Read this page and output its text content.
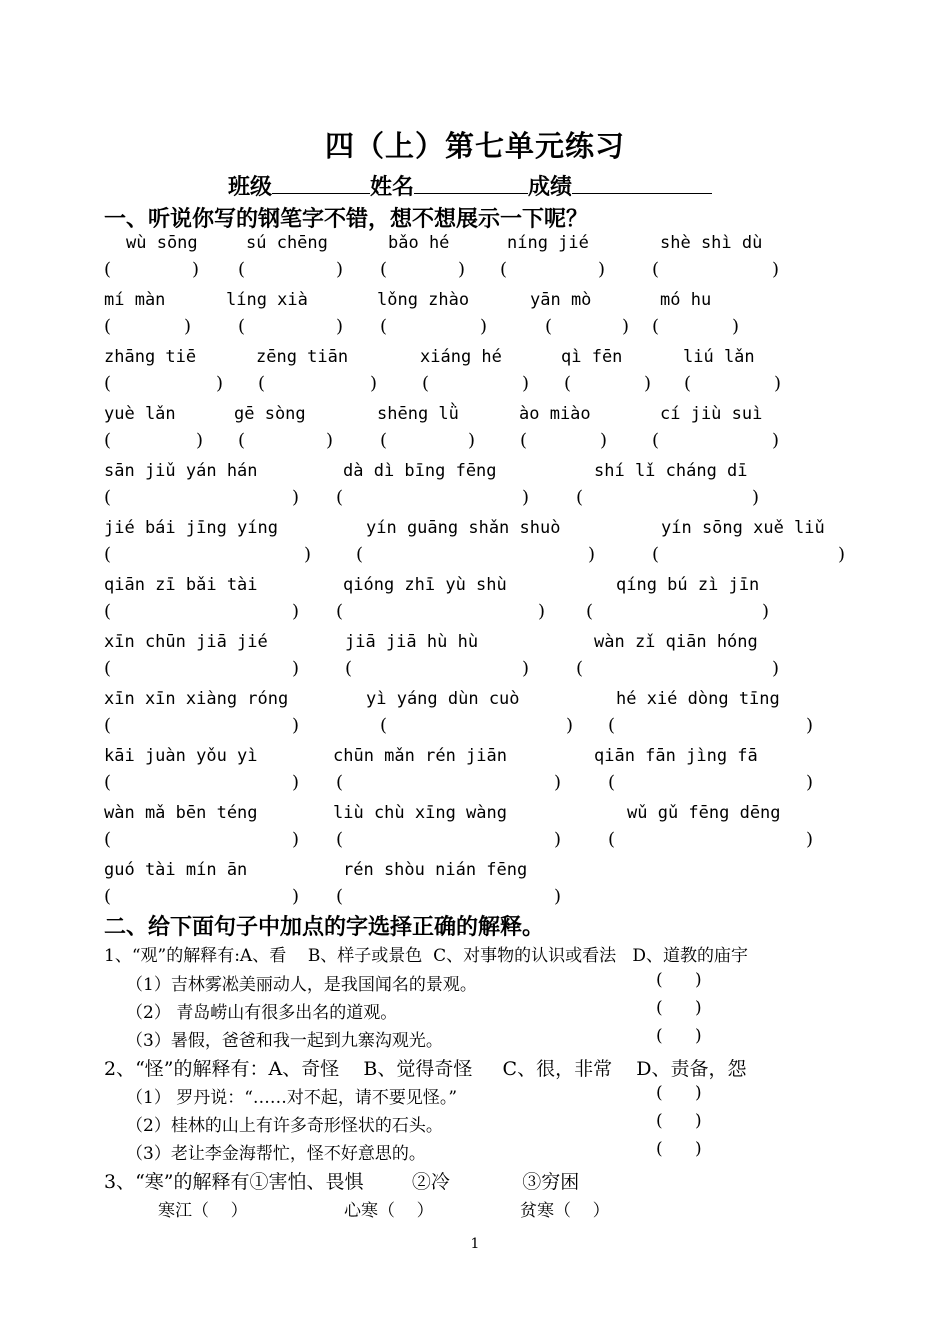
四（上）第七单元练习
班级	姓名	成绩
一、听说你写的钢笔字不错，想不想展示一下呢？
wù sōng	sú chēng	bǎo hé	níng jié	shè shì dù
(	) (	) (	) (	)	(	)
mí màn	líng xià	lǒng zhào	yān mò	mó hu
(	)	(	) (	)	(	) (	)
zhāng tiē	zēng tiān	xiáng hé	qì fēn	liú lǎn
(	) (	) (	) (	) (	)
yuè lǎn	gē sòng	shēng lǜ	ào miào	cí jiù suì
(	) (	)	(	) (	) (	)
sān jiǔ yán hán	dà dì bīng fēng	shí lǐ cháng dī
(	) (	)	(	)
jié bái jīng yíng	yín guāng shǎn shuò	yín sōng xuě liǔ
(	) (	)	(	)
qiān zī bǎi tài	qióng zhī yù shù	qíng bú zì jīn
(	) (	) (	)
xīn chūn jiā jié	jiā jiā hù hù	wàn zǐ qiān hóng
(	)	(	)	(	)
xīn xīn xiàng róng	yì yáng dùn cuò	hé xié dòng tīng
(	)	(	) (	)
kāi juàn yǒu yì	chūn mǎn rén jiān	qiān fān jìng fā
(	) (	)	(	)
wàn mǎ bēn téng	liù chù xīng wàng	wǔ gǔ fēng dēng
(	) (	)	(	)
guó tài mín ān	rén shòu nián fēng
(	) (	)
二、给下面句子中加点的字选择正确的解释。
1、“观”的解释有:A、看    B、样子或景色  C、对事物的认识或看法   D、道教的庙宇
（1）吉林雾凇美丽动人，是我国闻名的景观。	(      )
（2） 青岛崂山有很多出名的道观。	(      )
（3）暑假，爸爸和我一起到九寨沟观光。	(      )
2、“怪”的解释有：A、奇怪    B、觉得奇怪     C、很，非常    D、责备，怨
（1） 罗丹说：“……对不起，请不要见怪。”	(      )
（2）桂林的山上有许多奇形怪状的石头。	(      )
（3）老让李金海帮忙，怪不好意思的。	(      )
3、“寒”的解释有①害怕、畏惧        ②冷            ③穷困
寒江（    ）	心寒（    ）	贫寒（    ）
1
